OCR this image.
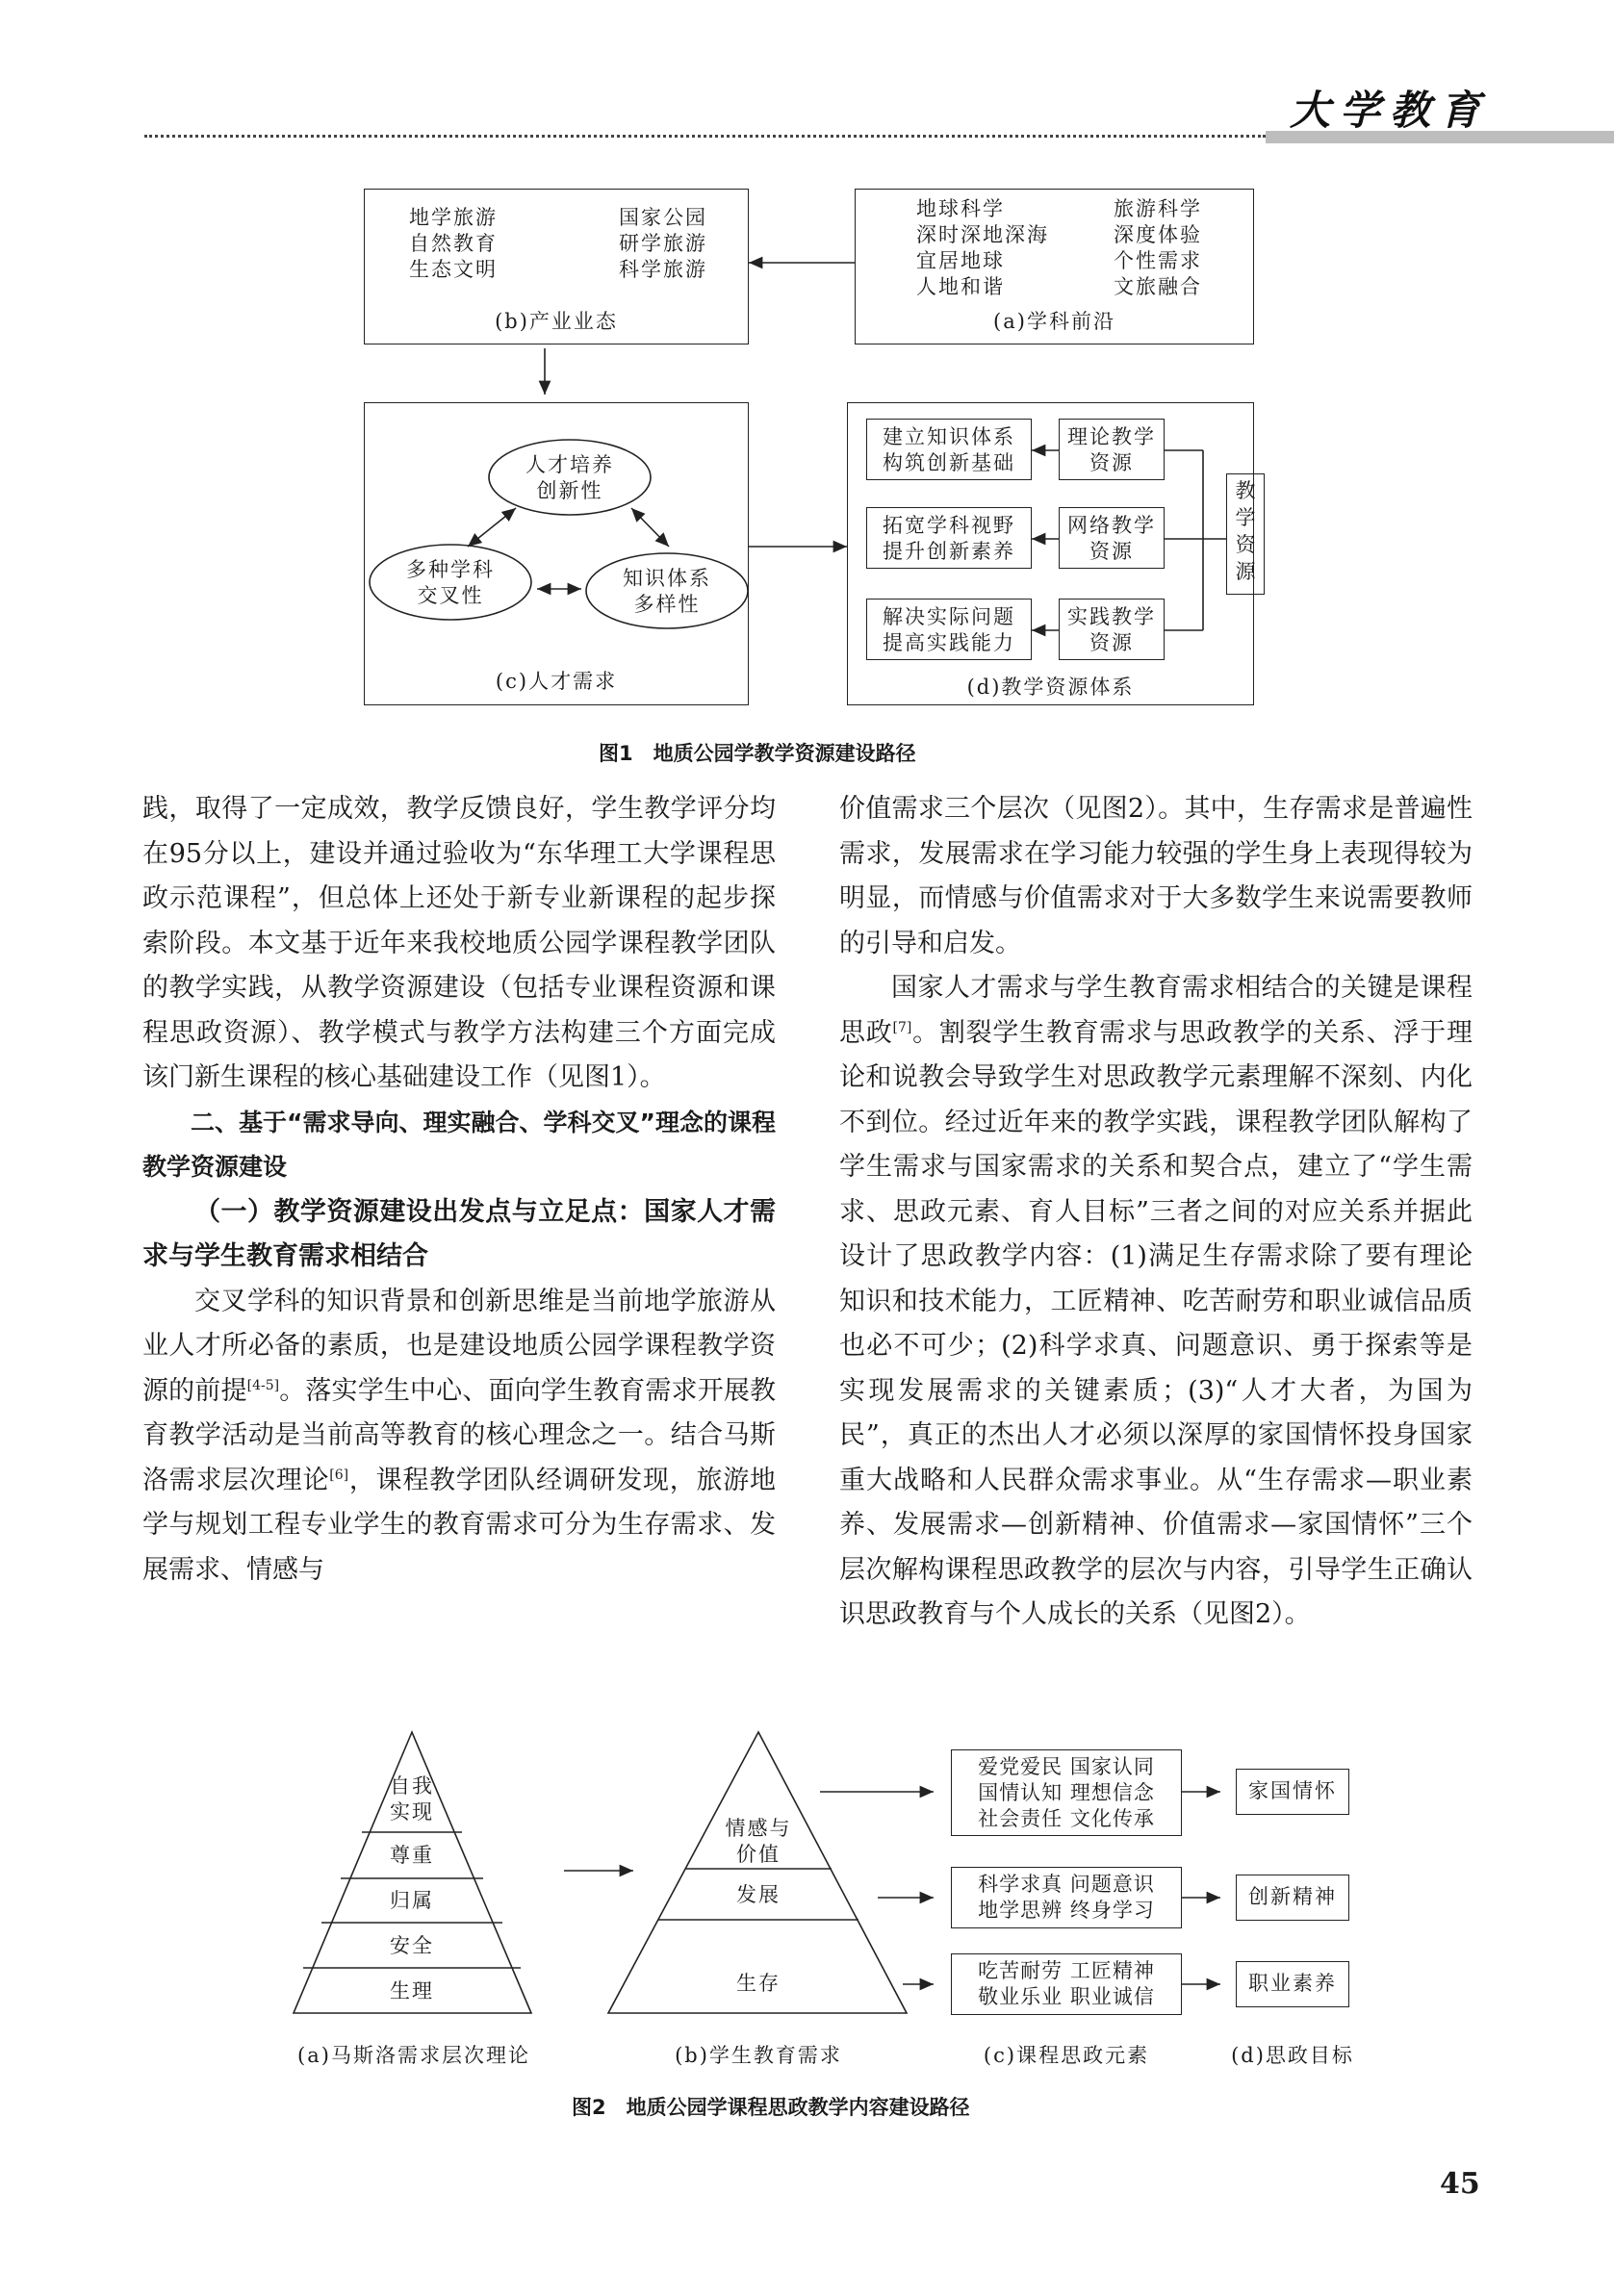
大学教育
地球科学
深时深地深海
宜居地球
人地和谐
旅游科学
深度体验
个性需求
文旅融合
(a)学科前沿
地学旅游
自然教育
生态文明
国家公园
研学旅游
科学旅游
(b)产业业态
人才培养
创新性
多种学科
交叉性
知识体系
多样性
(c)人才需求
建立知识体系
构筑创新基础
理论教学
资源
拓宽学科视野
提升创新素养
网络教学
资源
解决实际问题
提高实践能力
实践教学
资源
教学资源
(d)教学资源体系
图1　地质公园学教学资源建设路径

践，取得了一定成效，教学反馈良好，学生教学评分均在95分以上，建设并通过验收为“东华理工大学课程思政示范课程”，但总体上还处于新专业新课程的起步探索阶段。本文基于近年来我校地质公园学课程教学团队的教学实践，从教学资源建设（包括专业课程资源和课程思政资源）、教学模式与教学方法构建三个方面完成该门新生课程的核心基础建设工作（见图1）。

二、基于“需求导向、理实融合、学科交叉”理念的课程教学资源建设

（一）教学资源建设出发点与立足点：国家人才需求与学生教育需求相结合

交叉学科的知识背景和创新思维是当前地学旅游从业人才所必备的素质，也是建设地质公园学课程教学资源的前提[4-5]。落实学生中心、面向学生教育需求开展教育教学活动是当前高等教育的核心理念之一。结合马斯洛需求层次理论[6]，课程教学团队经调研发现，旅游地学与规划工程专业学生的教育需求可分为生存需求、发展需求、情感与

价值需求三个层次（见图2）。其中，生存需求是普遍性需求，发展需求在学习能力较强的学生身上表现得较为明显，而情感与价值需求对于大多数学生来说需要教师的引导和启发。

国家人才需求与学生教育需求相结合的关键是课程思政[7]。割裂学生教育需求与思政教学的关系、浮于理论和说教会导致学生对思政教学元素理解不深刻、内化不到位。经过近年来的教学实践，课程教学团队解构了学生需求与国家需求的关系和契合点，建立了“学生需求、思政元素、育人目标”三者之间的对应关系并据此设计了思政教学内容：(1)满足生存需求除了要有理论知识和技术能力，工匠精神、吃苦耐劳和职业诚信品质也必不可少；(2)科学求真、问题意识、勇于探索等是实现发展需求的关键素质；(3)“人才大者，为国为民”，真正的杰出人才必须以深厚的家国情怀投身国家重大战略和人民群众需求事业。从“生存需求—职业素养、发展需求—创新精神、价值需求—家国情怀”三个层次解构课程思政教学的层次与内容，引导学生正确认识思政教育与个人成长的关系（见图2）。

自我
实现
尊重
归属
安全
生理
(a)马斯洛需求层次理论
情感与
价值
发展
生存
(b)学生教育需求
爱党爱民 国家认同
国情认知 理想信念
社会责任 文化传承
科学求真 问题意识
地学思辨 终身学习
吃苦耐劳 工匠精神
敬业乐业 职业诚信
(c)课程思政元素
家国情怀
创新精神
职业素养
(d)思政目标
图2　地质公园学课程思政教学内容建设路径
45
